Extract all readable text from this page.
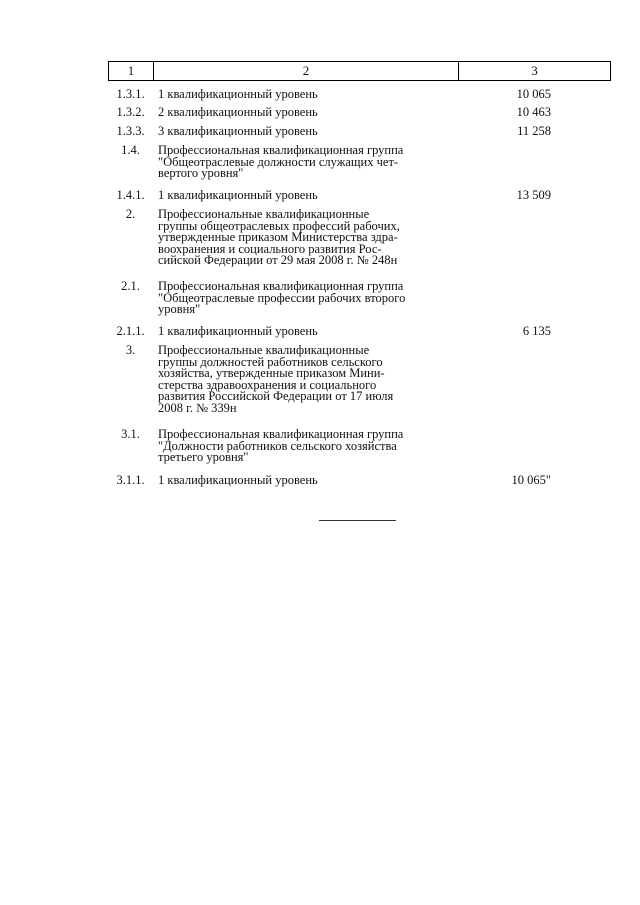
1	2	3
1.3.1.	1 квалификационный уровень	10 065
1.3.2.	2 квалификационный уровень	10 463
1.3.3.	3 квалификационный уровень	11 258
1.4.	Профессиональная квалификационная группа
"Общеотраслевые должности служащих чет-
вертого уровня"
1.4.1.	1 квалификационный уровень	13 509
2.	Профессиональные квалификационные
группы общеотраслевых профессий рабочих,
утвержденные приказом Министерства здра-
воохранения и социального развития Рос-
сийской Федерации от 29 мая 2008 г. № 248н
2.1.	Профессиональная квалификационная группа
"Общеотраслевые профессии рабочих второго
уровня"
2.1.1.	1 квалификационный уровень	6 135
3.	Профессиональные квалификационные
группы должностей работников сельского
хозяйства, утвержденные приказом Мини-
стерства здравоохранения и социального
развития Российской Федерации от 17 июля
2008 г. № 339н
3.1.	Профессиональная квалификационная группа
"Должности работников сельского хозяйства
третьего уровня"
3.1.1.	1 квалификационный уровень	10 065"
